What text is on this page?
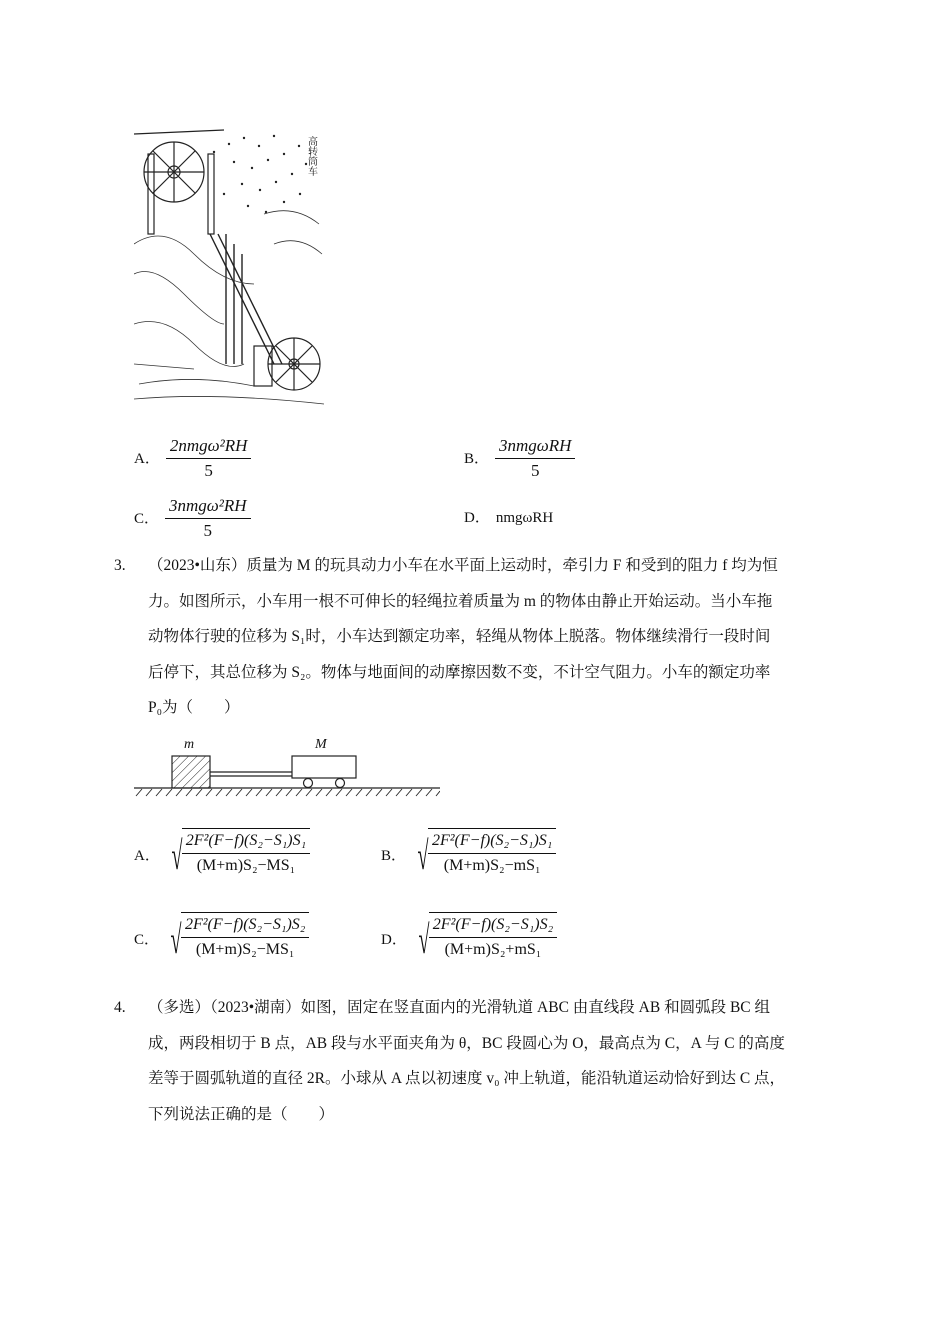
高转筒车
A． $\frac{\text{2nmgω²RH}}{5}$	B． $\frac{\text{3nmgωRH}}{5}$
C． $\frac{\text{3nmgω²RH}}{5}$	D． nmgωRH
3. （2023•山东）质量为 M 的玩具动力小车在水平面上运动时，牵引力 F 和受到的阻力 f 均为恒
力。如图所示，小车用一根不可伸长的轻绳拉着质量为 m 的物体由静止开始运动。当小车拖
动物体行驶的位移为 S₁时，小车达到额定功率，轻绳从物体上脱落。物体继续滑行一段时间
后停下，其总位移为 S₂。物体与地面间的动摩擦因数不变，不计空气阻力。小车的额定功率
P₀为（　　）
m	M
A． √ $\frac{\text{2F²(F−f)(S₂−S₁)S₁}}{\text{(M+m)S₂−MS₁}}$	B． √ $\frac{\text{2F²(F−f)(S₂−S₁)S₁}}{\text{(M+m)S₂−mS₁}}$
C． √ $\frac{\text{2F²(F−f)(S₂−S₁)S₂}}{\text{(M+m)S₂−MS₁}}$	D． √ $\frac{\text{2F²(F−f)(S₂−S₁)S₂}}{\text{(M+m)S₂+mS₁}}$
4. （多选）（2023•湖南）如图，固定在竖直面内的光滑轨道 ABC 由直线段 AB 和圆弧段 BC 组
成，两段相切于 B 点，AB 段与水平面夹角为 θ，BC 段圆心为 O，最高点为 C，A 与 C 的高度
差等于圆弧轨道的直径 2R。小球从 A 点以初速度 v₀ 冲上轨道，能沿轨道运动恰好到达 C 点，
下列说法正确的是（　　）
